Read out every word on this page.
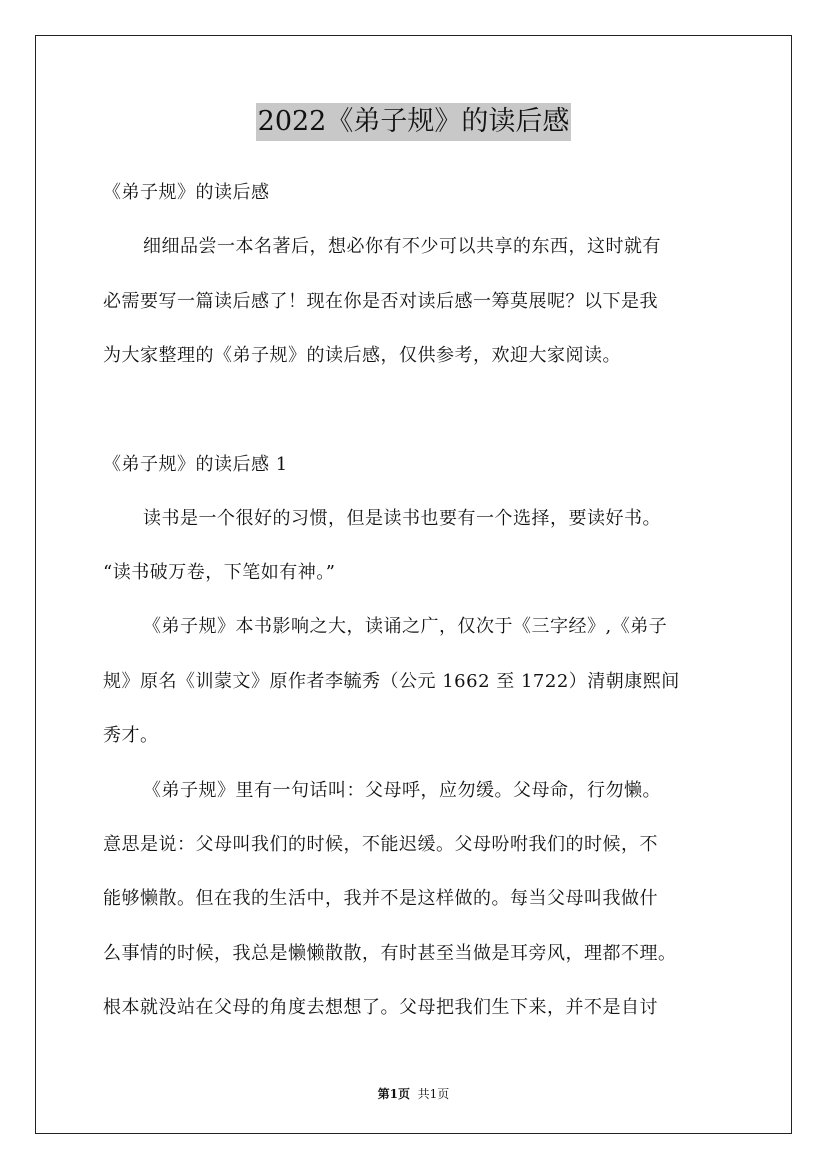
2022《弟子规》的读后感
《弟子规》的读后感
细细品尝一本名著后，想必你有不少可以共享的东西，这时就有
必需要写一篇读后感了！现在你是否对读后感一筹莫展呢？以下是我
为大家整理的《弟子规》的读后感，仅供参考，欢迎大家阅读。
《弟子规》的读后感 1
读书是一个很好的习惯，但是读书也要有一个选择，要读好书。
“读书破万卷，下笔如有神。”
《弟子规》本书影响之大，读诵之广，仅次于《三字经》,《弟子
规》原名《训蒙文》原作者李毓秀（公元 1662 至 1722）清朝康熙间
秀才。
《弟子规》里有一句话叫：父母呼，应勿缓。父母命，行勿懒。
意思是说：父母叫我们的时候，不能迟缓。父母吩咐我们的时候，不
能够懒散。但在我的生活中，我并不是这样做的。每当父母叫我做什
么事情的时候，我总是懒懒散散，有时甚至当做是耳旁风，理都不理。
根本就没站在父母的角度去想想了。父母把我们生下来，并不是自讨
第1页 共1页
